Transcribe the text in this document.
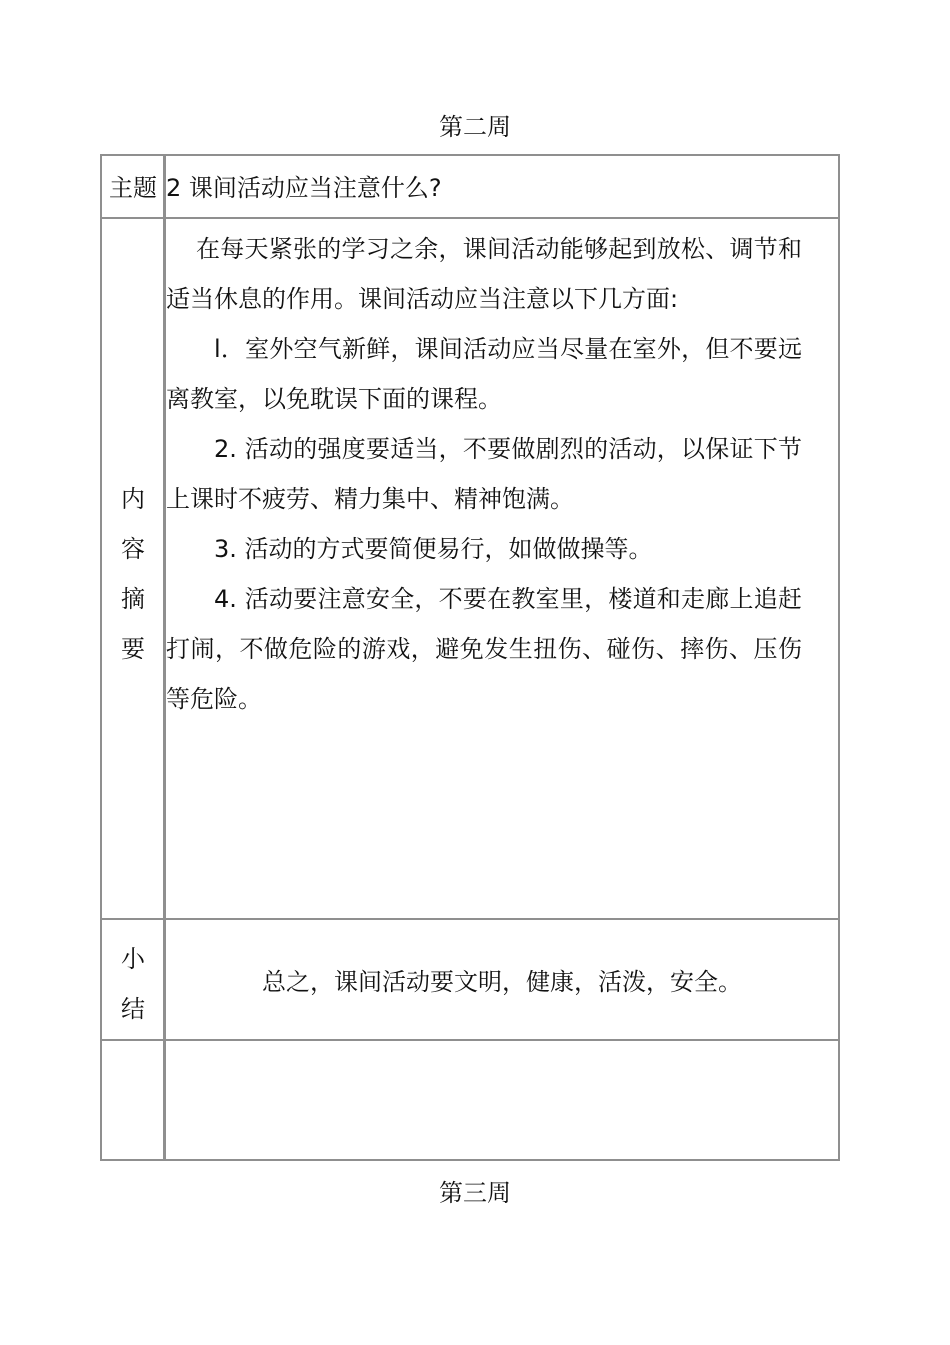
第二周
主题 2 课间活动应当注意什么?
内
容
摘
要

在每天紧张的学习之余，课间活动能够起到放松、调节和适当休息的作用。课间活动应当注意以下几方面:

l．室外空气新鲜，课间活动应当尽量在室外，但不要远离教室，以免耽误下面的课程。

2. 活动的强度要适当，不要做剧烈的活动，以保证下节上课时不疲劳、精力集中、精神饱满。

3. 活动的方式要简便易行，如做做操等。

4. 活动要注意安全，不要在教室里，楼道和走廊上追赶打闹，不做危险的游戏，避免发生扭伤、碰伤、摔伤、压伤等危险。

小
结
总之，课间活动要文明，健康，活泼，安全。
第三周
